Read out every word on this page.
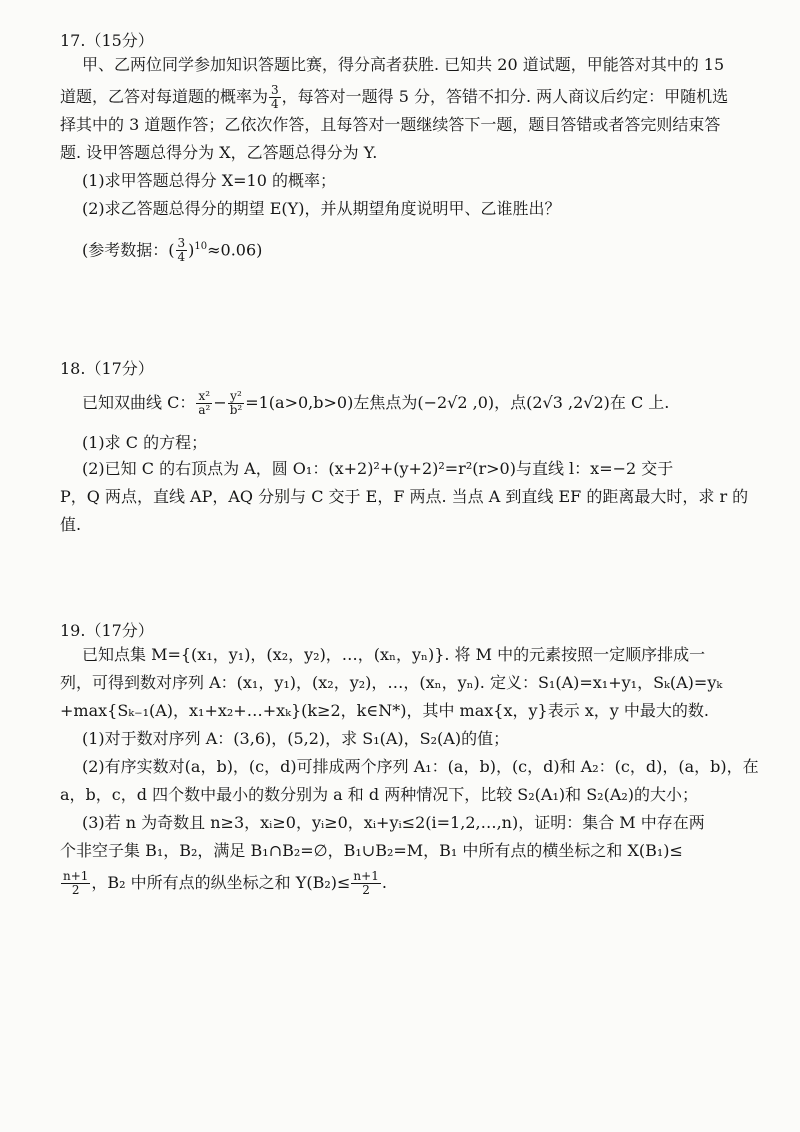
17.（15分）
甲、乙两位同学参加知识答题比赛，得分高者获胜. 已知共 20 道试题，甲能答对其中的 15
道题，乙答对每道题的概率为 $\frac{3}{4}$ ，每答对一题得 5 分，答错不扣分. 两人商议后约定：甲随机选
择其中的 3 道题作答；乙依次作答，且每答对一题继续答下一题，题目答错或者答完则结束答
题. 设甲答题总得分为 X，乙答题总得分为 Y.
(1)求甲答题总得分 X=10 的概率；
(2)求乙答题总得分的期望 E(Y)，并从期望角度说明甲、乙谁胜出？
(参考数据：( $\frac{3}{4} )^{10}\approx 0.06$)
18.（17分）
已知双曲线 C： $\frac{\text{x²}}{\text{a²}} - \frac{\text{y²}}{\text{b²}} =1(a>0,b>0)$左焦点为(−2√2 ,0)，点(2√3 ,2√2)在 C 上.
(1)求 C 的方程；
(2)已知 C 的右顶点为 A，圆 O₁：(x+2)²+(y+2)²=r²(r>0)与直线 l：x=−2 交于
P，Q 两点，直线 AP，AQ 分别与 C 交于 E，F 两点. 当点 A 到直线 EF 的距离最大时，求 r 的
值.
19.（17分）
已知点集 M={(x₁，y₁)，(x₂，y₂)，…，(xₙ，yₙ)}. 将 M 中的元素按照一定顺序排成一
列，可得到数对序列 A：(x₁，y₁)，(x₂，y₂)，…，(xₙ，yₙ). 定义：S₁(A)=x₁+y₁，Sₖ(A)=yₖ
+max{Sₖ₋₁(A)，x₁+x₂+…+xₖ}(k≥2，k∈N*)，其中 max{x，y}表示 x，y 中最大的数.
(1)对于数对序列 A：(3,6)，(5,2)，求 S₁(A)，S₂(A)的值；
(2)有序实数对(a，b)，(c，d)可排成两个序列 A₁：(a，b)，(c，d)和 A₂：(c，d)，(a，b)，在
a，b，c，d 四个数中最小的数分别为 a 和 d 两种情况下，比较 S₂(A₁)和 S₂(A₂)的大小；
(3)若 n 为奇数且 n≥3，xᵢ≥0，yᵢ≥0，xᵢ+yᵢ≤2(i=1,2,…,n)，证明：集合 M 中存在两
个非空子集 B₁，B₂，满足 B₁∩B₂=∅，B₁∪B₂=M，B₁ 中所有点的横坐标之和 X(B₁)≤
$\frac{n+1}{2}$ ，B₂ 中所有点的纵坐标之和 $Y(B_2)\le \frac{n+1}{2}$ .
